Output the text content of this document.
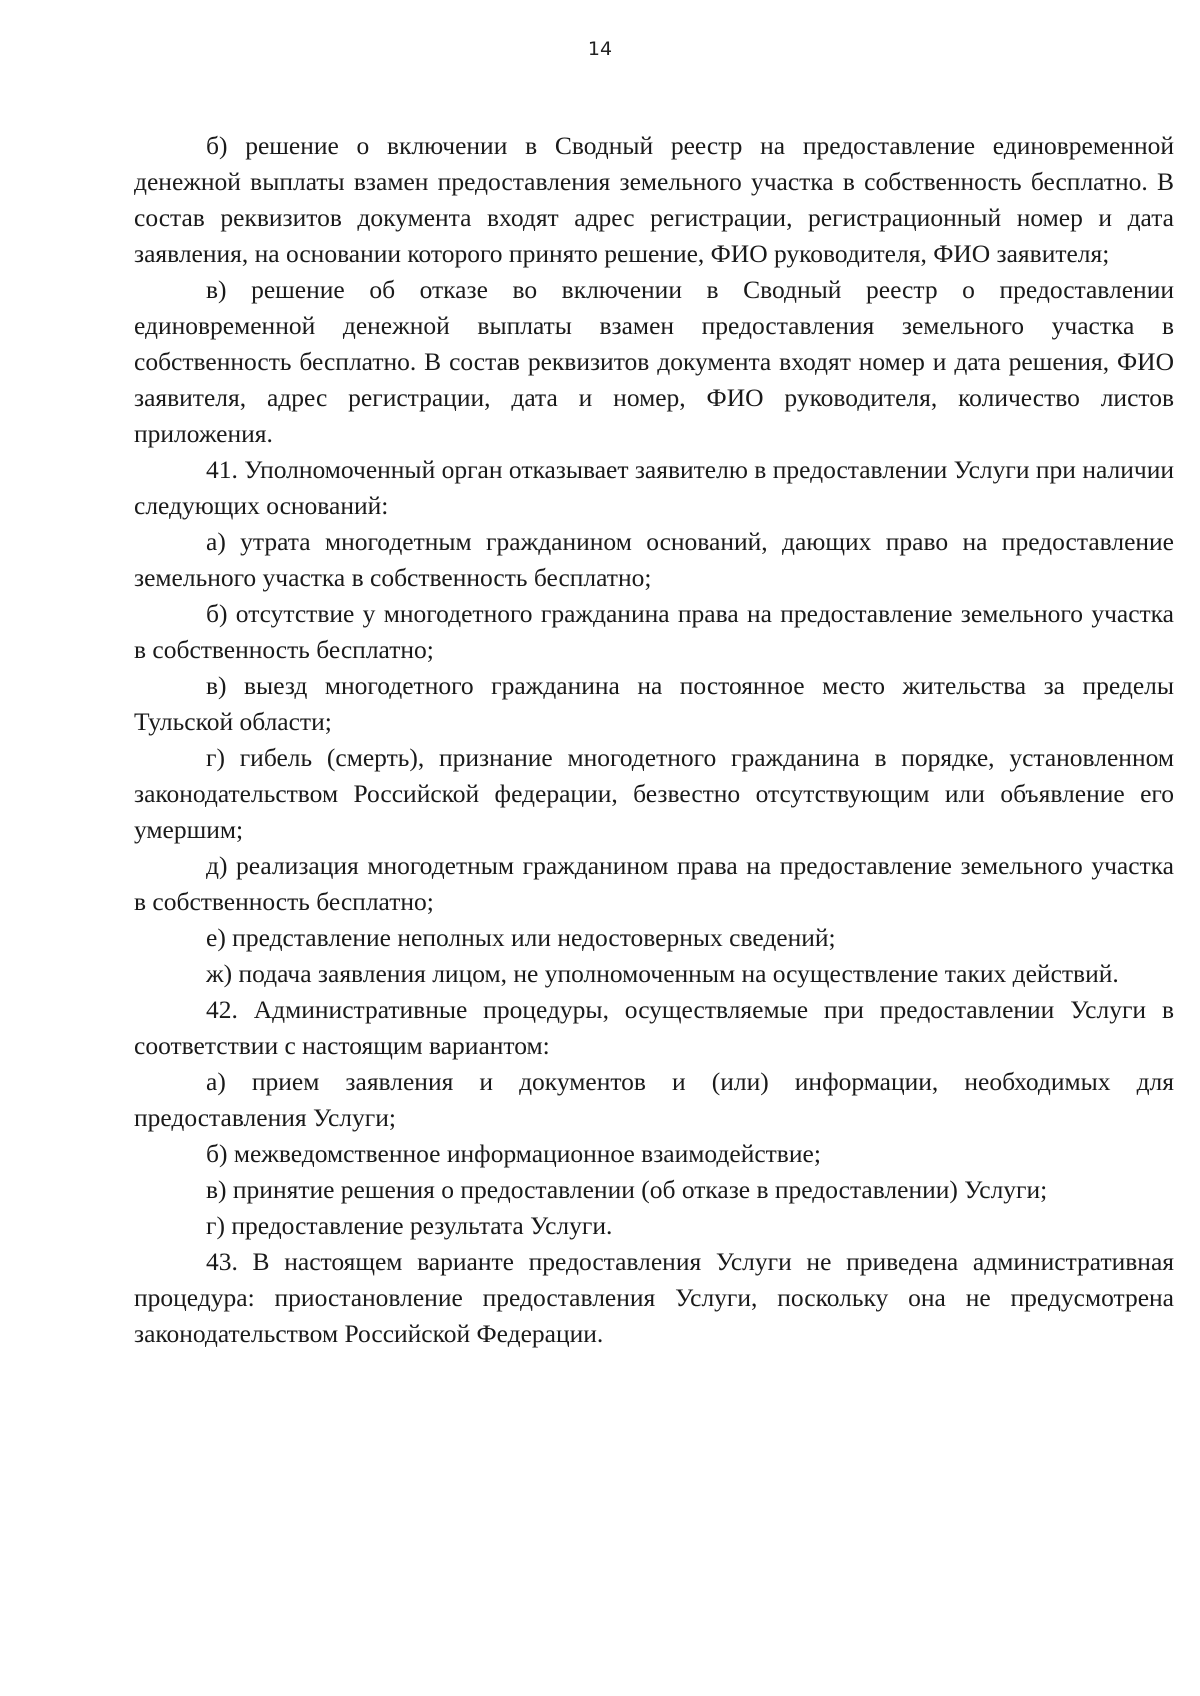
14

б) решение о включении в Сводный реестр на предоставление единовременной денежной выплаты взамен предоставления земельного участка в собственность бесплатно. В состав реквизитов документа входят адрес регистрации, регистрационный номер и дата заявления, на основании которого принято решение, ФИО руководителя, ФИО заявителя;

в) решение об отказе во включении в Сводный реестр о предоставлении единовременной денежной выплаты взамен предоставления земельного участка в собственность бесплатно. В состав реквизитов документа входят номер и дата решения, ФИО заявителя, адрес регистрации, дата и номер, ФИО руководителя, количество листов приложения.

41. Уполномоченный орган отказывает заявителю в предоставлении Услуги при наличии следующих оснований:

а) утрата многодетным гражданином оснований, дающих право на предоставление земельного участка в собственность бесплатно;

б) отсутствие у многодетного гражданина права на предоставление земельного участка в собственность бесплатно;

в) выезд многодетного гражданина на постоянное место жительства за пределы Тульской области;

г) гибель (смерть), признание многодетного гражданина в порядке, установленном законодательством Российской федерации, безвестно отсутствующим или объявление его умершим;

д) реализация многодетным гражданином права на предоставление земельного участка в собственность бесплатно;

е) представление неполных или недостоверных сведений;

ж) подача заявления лицом, не уполномоченным на осуществление таких действий.

42. Административные процедуры, осуществляемые при предоставлении Услуги в соответствии с настоящим вариантом:

а) прием заявления и документов и (или) информации, необходимых для предоставления Услуги;

б) межведомственное информационное взаимодействие;

в) принятие решения о предоставлении (об отказе в предоставлении) Услуги;

г) предоставление результата Услуги.

43. В настоящем варианте предоставления Услуги не приведена административная процедура: приостановление предоставления Услуги, поскольку она не предусмотрена законодательством Российской Федерации.
